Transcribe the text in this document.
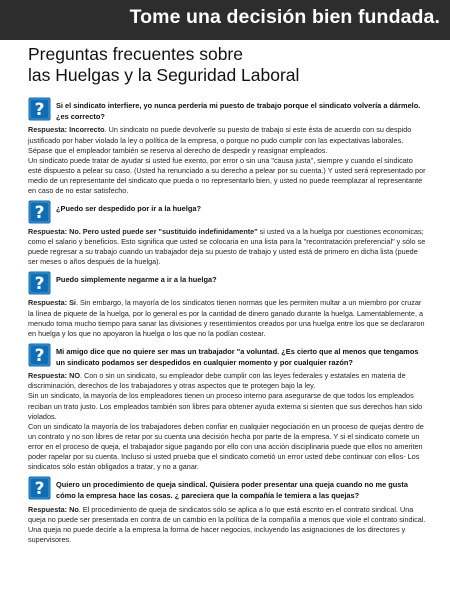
Tome una decisión bien fundada.
Preguntas frecuentes sobre
las Huelgas y la Seguridad Laboral
? Si el sindicato interfiere, yo nunca perdería mi puesto de trabajo porque el sindicato volvería a dármelo. ¿es correcto?

Respuesta: Incorrecto. Un sindicato no puede devolverle su puesto de trabajo si este ésta de acuerdo con su despido justificado por haber violado la ley o política de la empresa, o porque no pudo cumplir con las expectativas laborales. Sépase que el empleador también se reserva al derecho de despedir y reasignar empleados.

Un sindicato puede tratar de ayudar si usted fue exento, por error o sin una "causa justa", siempre y cuando el sindicato esté dispuesto a pelear su caso. (Usted ha renunciado a su derecho a pelear por su cuenta.) Y usted será representado por medio de un representante del sindicato que pueda o no representarlo bien, y usted no puede reemplazar al representante en caso de no estar satisfecho.

? ¿Puedo ser despedido por ir a la huelga?

Respuesta: No. Pero usted puede ser "sustituido indefinidamente" si usted va a la huelga por cuestiones economicas; como el salario y beneficios. Esto significa que usted se colocaria en una lista para la "recontratación preferencial" y sólo se puede regresar a su trabajo cuando un trabajador deja su puesto de trabajo y usted está de primero en dicha lista (puede ser meses o años después de la huelga).

? Puedo simplemente negarme a ir a la huelga?

Respuesta: Si. Sin embargo, la mayoría de los sindicatos tienen normas que les permiten multar a un miembro por cruzar la línea de piquete de la huelga, por lo general es por la cantidad de dinero ganado durante la huelga. Lamentablemente, a menudo toma mucho tiempo para sanar las divisiones y resentimientos creados por una huelga entre los que se declararon en huelga y los que no apoyaron la huelga o los que no la podían costear.

? Mi amigo dice que no quiere ser mas un trabajador "a voluntad. ¿Es cierto que al menos que tengamos un sindicato podamos ser despedidos en cualquier momento y por cualquier razón?

Respuesta: NO. Con o sin un sindicato, su empleador debe cumplir con las leyes federales y estatales en materia de discriminación, derechos de los trabajadores y otras aspectos que te protegen bajo la ley.

Sin un sindicato, la mayoría de los empleadores tienen un proceso interno para asegurarse de que todos los empleados reciban un trato justo. Los empleados también son libres para obtener ayuda externa si sienten que sus derechos han sido violados.

Con un sindicato la mayoría de los trabajadores deben confiar en cualquier negociación en un proceso de quejas dentro de un contrato y no son libres de retar por su cuenta una decisión hecha por parte de la empresa. Y si el sindicato comete un error en el proceso de queja, el trabajador sigue pagando por ello con una acción disciplinaria puede que ellos no ameriten poder rapelar por su cuenta. Incluso si usted prueba que el sindicato cometió un error usted debe continuar con ellos- Los sindicatos sólo están obligados a tratar, y no a ganar.

? Quiero un procedimiento de queja sindical. Quisiera poder presentar una queja cuando no me gusta cómo la empresa hace las cosas. ¿ pareciera que la compañía le temiera a las quejas?

Respuesta: No. El procedimiento de queja de sindicatos sólo se aplica a lo que está escrito en el contrato sindical. Una queja no puede ser presentada en contra de un cambio en la política de la compañía a menos que viole el contrato sindical. Una queja no puede decirle a la empresa la forma de hacer negocios, incluyendo las asignaciones de los directores y supervisores.
